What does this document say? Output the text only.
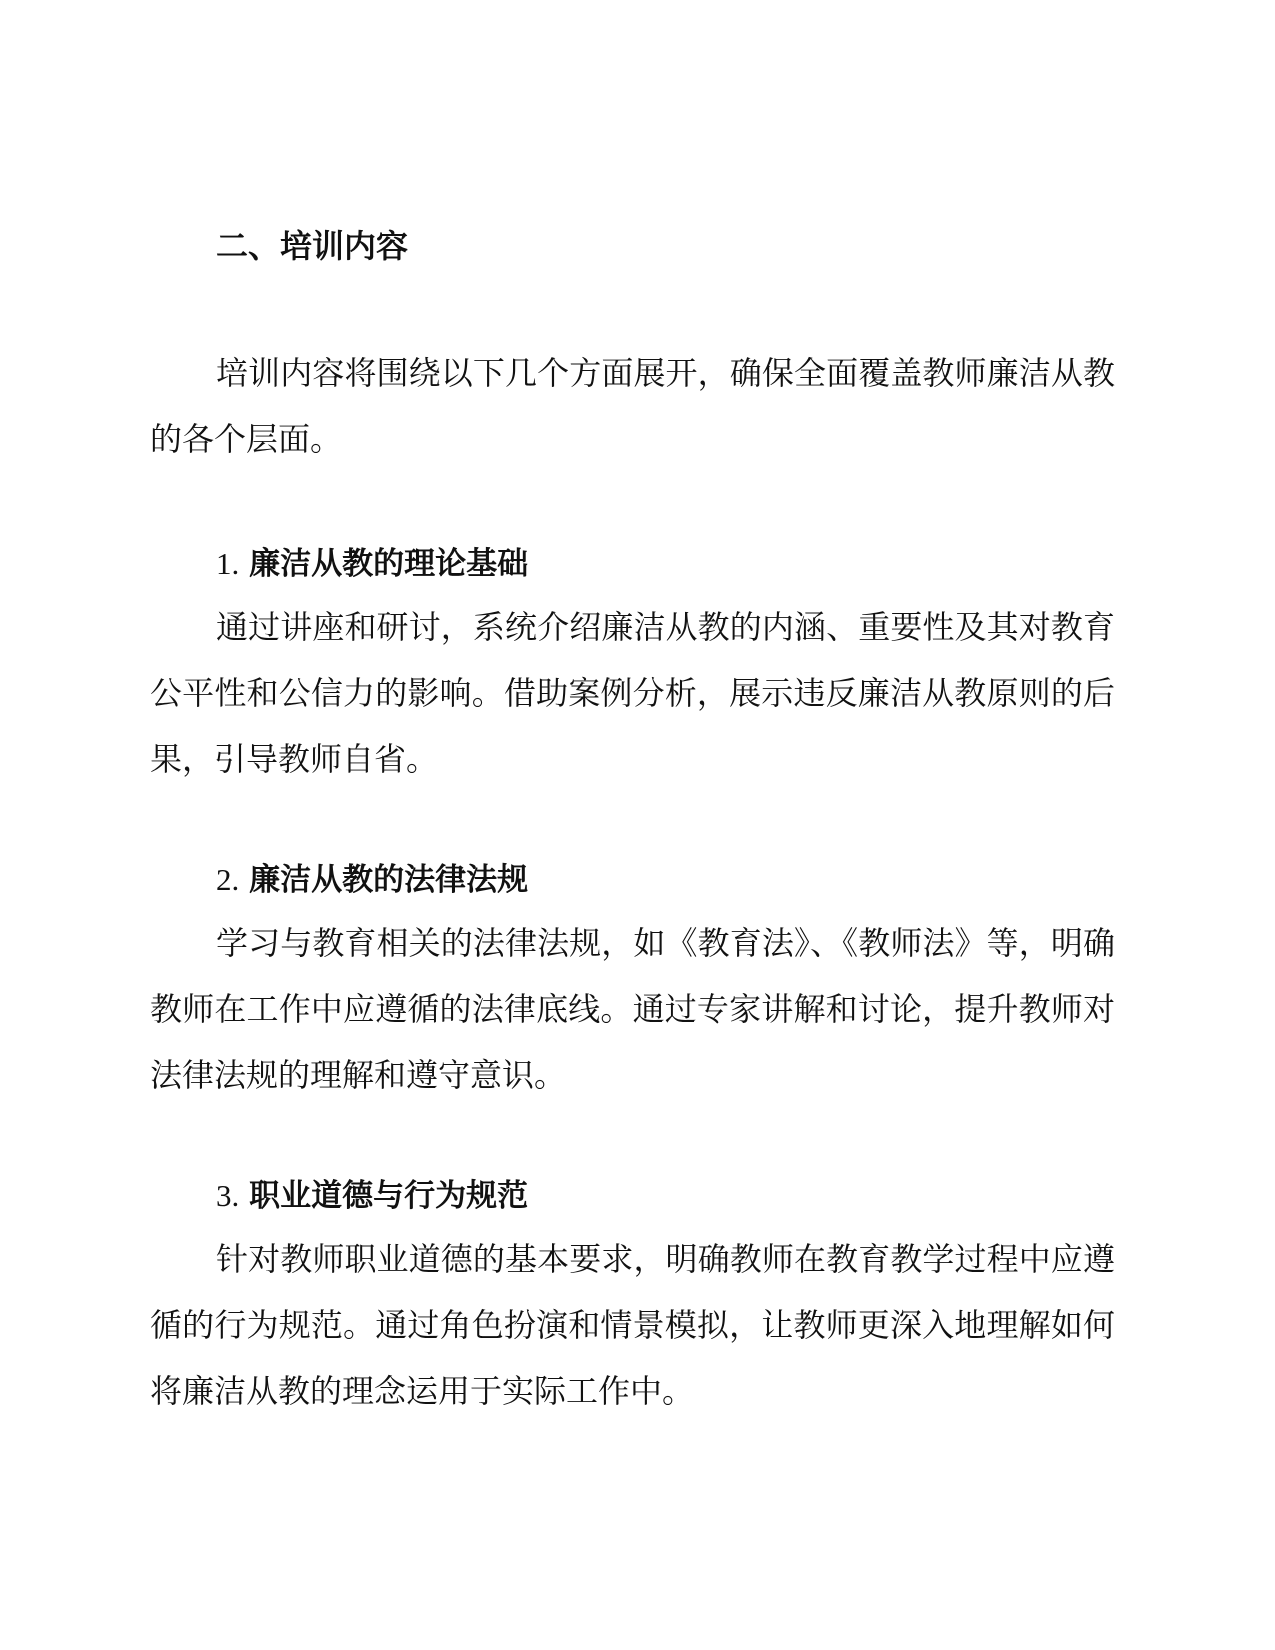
二、培训内容

培训内容将围绕以下几个方面展开，确保全面覆盖教师廉洁从教的各个层面。

1. 廉洁从教的理论基础

通过讲座和研讨，系统介绍廉洁从教的内涵、重要性及其对教育公平性和公信力的影响。借助案例分析，展示违反廉洁从教原则的后果，引导教师自省。

2. 廉洁从教的法律法规

学习与教育相关的法律法规，如《教育法》、《教师法》等，明确教师在工作中应遵循的法律底线。通过专家讲解和讨论，提升教师对法律法规的理解和遵守意识。

3. 职业道德与行为规范

针对教师职业道德的基本要求，明确教师在教育教学过程中应遵循的行为规范。通过角色扮演和情景模拟，让教师更深入地理解如何将廉洁从教的理念运用于实际工作中。
